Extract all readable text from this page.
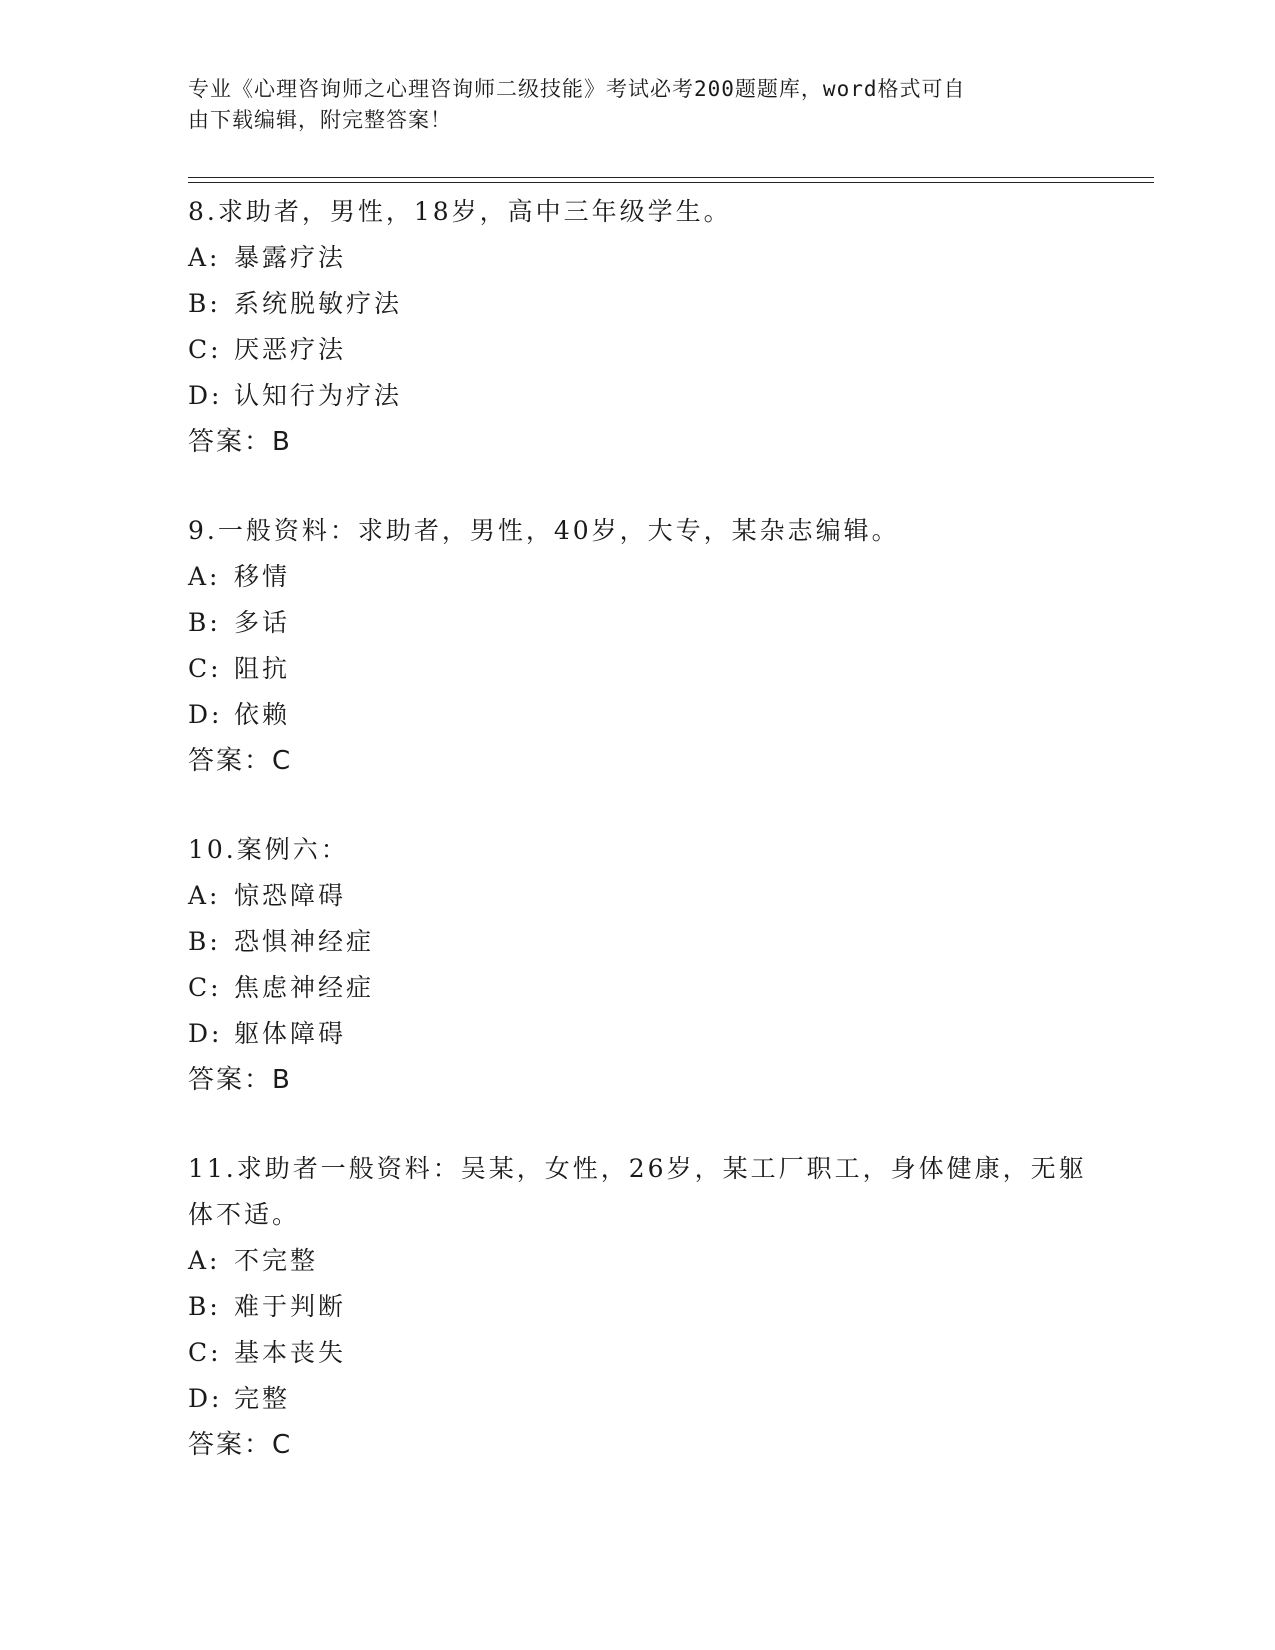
专业《心理咨询师之心理咨询师二级技能》考试必考200题题库，word格式可自
由下载编辑，附完整答案！
8.求助者，男性，18岁，高中三年级学生。
A: 暴露疗法
B: 系统脱敏疗法
C: 厌恶疗法
D: 认知行为疗法
答案：B
9.一般资料：求助者，男性，40岁，大专，某杂志编辑。
A: 移情
B: 多话
C: 阻抗
D: 依赖
答案：C
10.案例六：
A: 惊恐障碍
B: 恐惧神经症
C: 焦虑神经症
D: 躯体障碍
答案：B
11.求助者一般资料：吴某，女性，26岁，某工厂职工，身体健康，无躯体不适。
A: 不完整
B: 难于判断
C: 基本丧失
D: 完整
答案：C
